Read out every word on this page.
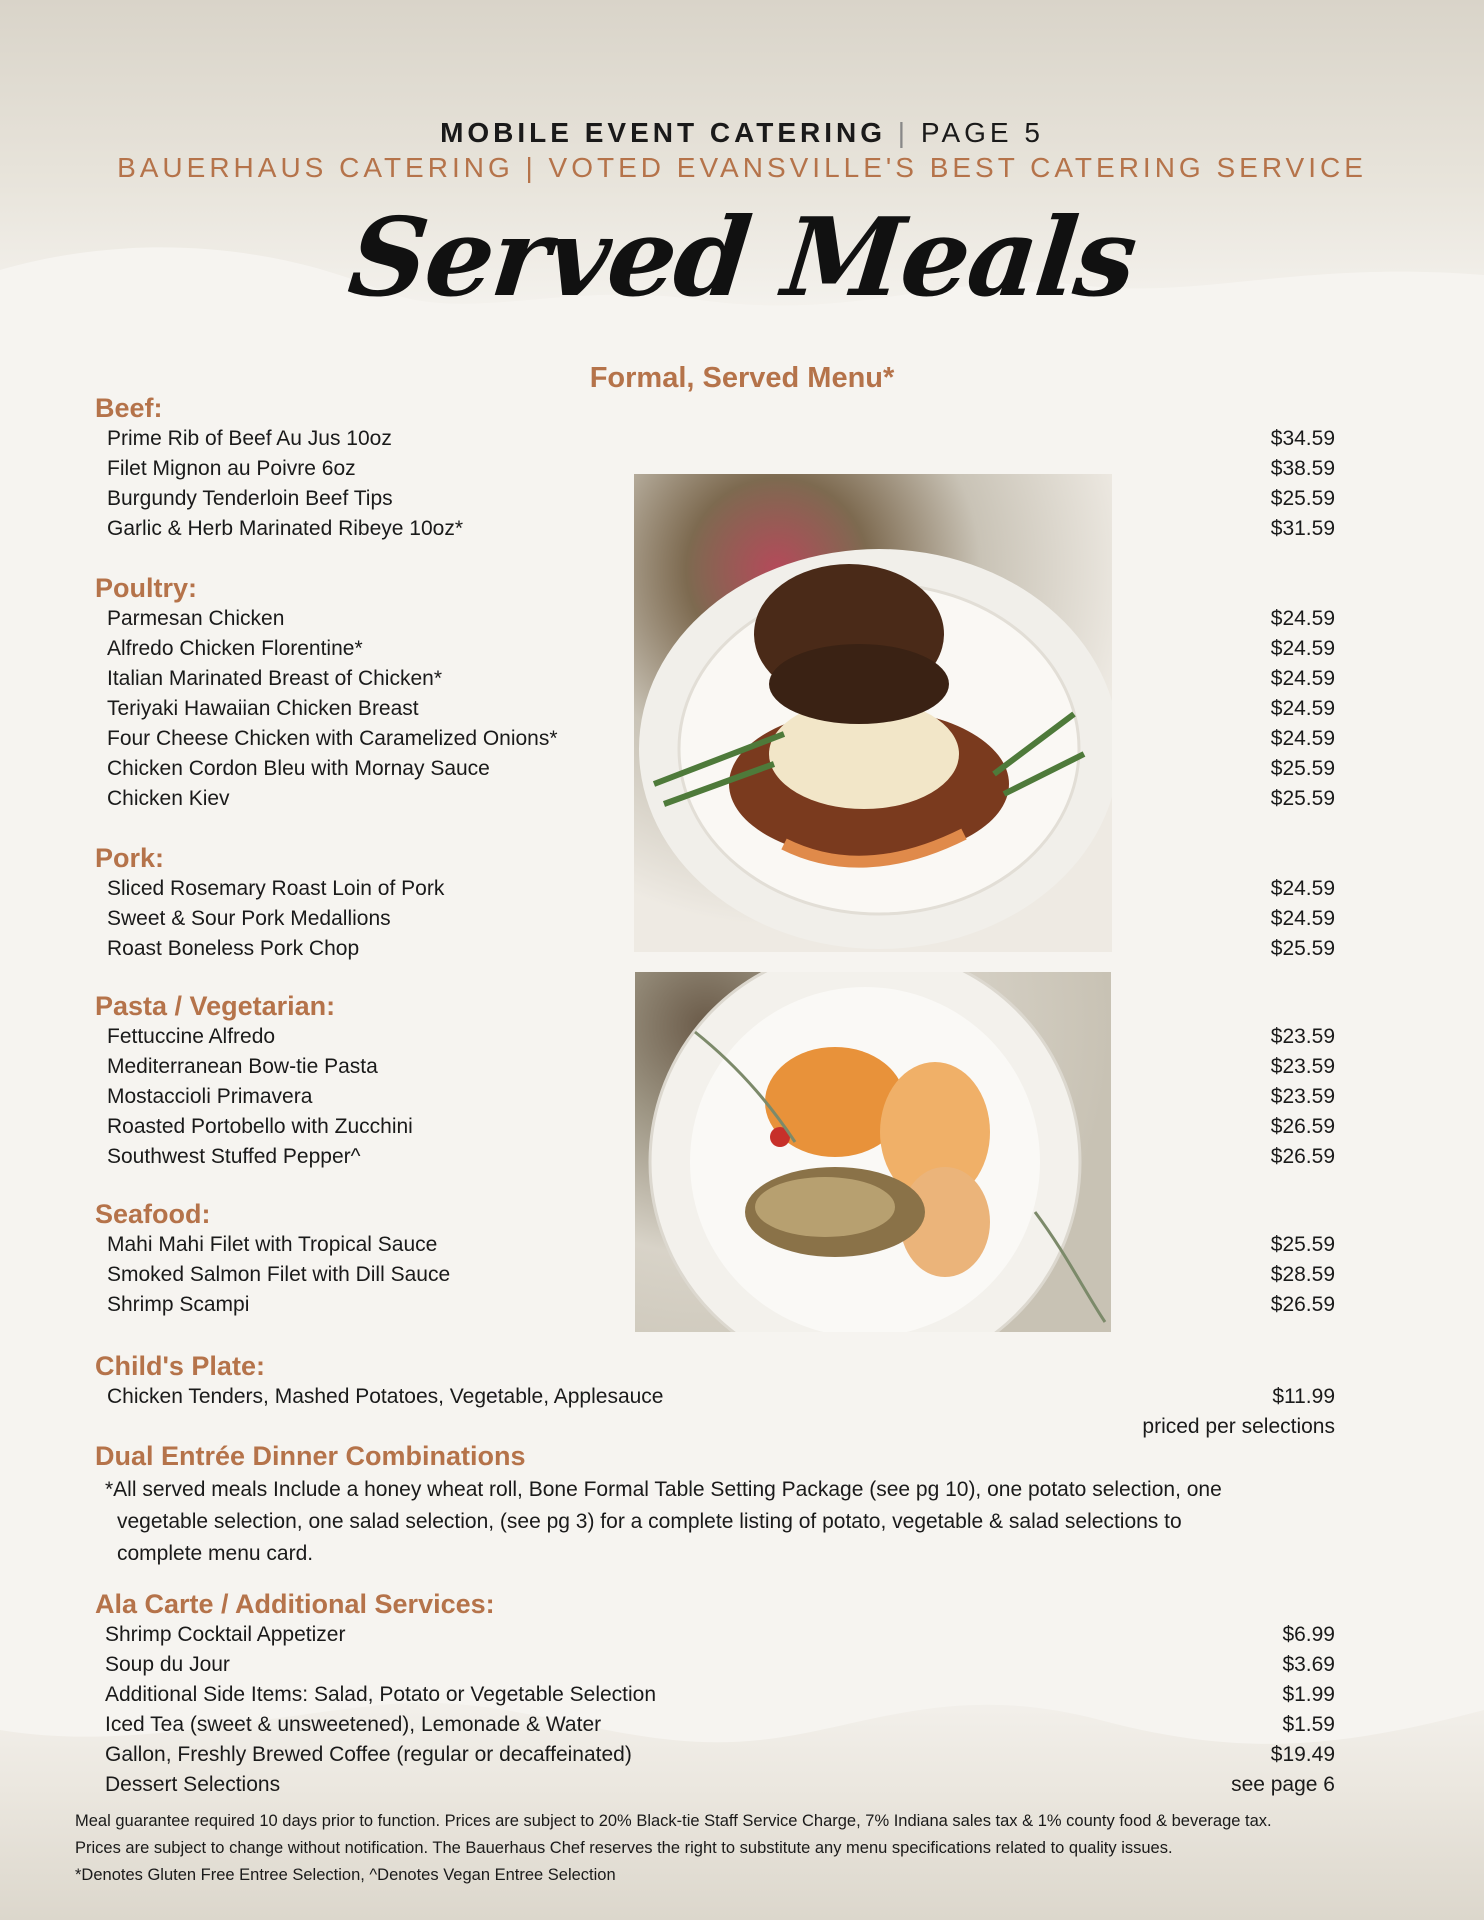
MOBILE EVENT CATERING | PAGE 5
BAUERHAUS CATERING | VOTED EVANSVILLE'S BEST CATERING SERVICE
Served Meals
Formal, Served Menu*
Beef:
Prime Rib of Beef Au Jus 10oz	$34.59
Filet Mignon au Poivre 6oz	$38.59
Burgundy Tenderloin Beef Tips	$25.59
Garlic & Herb Marinated Ribeye 10oz*	$31.59
Poultry:
Parmesan Chicken	$24.59
Alfredo Chicken Florentine*	$24.59
Italian Marinated Breast of Chicken*	$24.59
Teriyaki Hawaiian Chicken Breast	$24.59
Four Cheese Chicken with Caramelized Onions*	$24.59
Chicken Cordon Bleu with Mornay Sauce	$25.59
Chicken Kiev	$25.59
Pork:
Sliced Rosemary Roast Loin of Pork	$24.59
Sweet & Sour Pork Medallions	$24.59
Roast Boneless Pork Chop	$25.59
Pasta / Vegetarian:
Fettuccine Alfredo	$23.59
Mediterranean Bow-tie Pasta	$23.59
Mostaccioli Primavera	$23.59
Roasted Portobello with Zucchini	$26.59
Southwest Stuffed Pepper^	$26.59
Seafood:
Mahi Mahi Filet with Tropical Sauce	$25.59
Smoked Salmon Filet with Dill Sauce	$28.59
Shrimp Scampi	$26.59
Child's Plate:
Chicken Tenders, Mashed Potatoes, Vegetable, Applesauce	$11.99
priced per selections
Dual Entrée Dinner Combinations
*All served meals Include a honey wheat roll, Bone Formal Table Setting Package (see pg 10), one potato selection, one
vegetable selection, one salad selection, (see pg 3) for a complete listing of potato, vegetable & salad selections to
complete menu card.
Ala Carte / Additional Services:
Shrimp Cocktail Appetizer	$6.99
Soup du Jour	$3.69
Additional Side Items: Salad, Potato or Vegetable Selection	$1.99
Iced Tea (sweet & unsweetened), Lemonade & Water	$1.59
Gallon, Freshly Brewed Coffee (regular or decaffeinated)	$19.49
Dessert Selections	see page 6
Meal guarantee required 10 days prior to function. Prices are subject to 20% Black-tie Staff Service Charge, 7% Indiana sales tax & 1% county food & beverage tax.
Prices are subject to change without notification. The Bauerhaus Chef reserves the right to substitute any menu specifications related to quality issues.
*Denotes Gluten Free Entree Selection, ^Denotes Vegan Entree Selection
